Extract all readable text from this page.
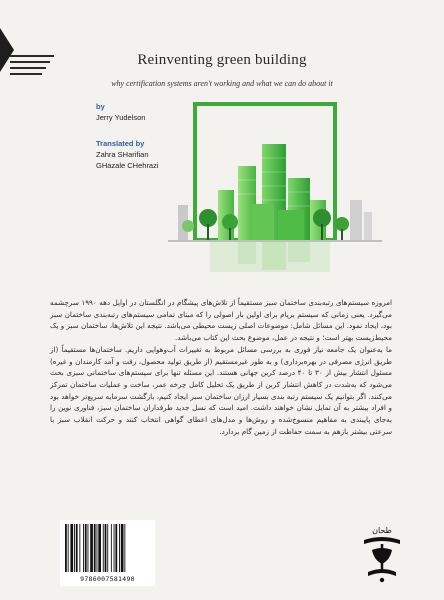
Reinventing green building
why certification systems aren't working and what we can do about it
by
Jerry Yudelson
Translated by
Zahra SHarifian
GHazale CHehrazi

امروزه سیستم‌های رتبه‌بندی ساختمان سبز مستقیماً از تلاش‌های پیشگام در انگلستان در اوایل دهه ۱۹۹۰ سرچشمه می‌گیرد. یعنی زمانی که سیستم بریام برای اولین بار اصولی را که مبنای تمامی سیستم‌های رتبه‌بندی ساختمان سبز بود، ایجاد نمود. این مسائل شامل: موضوعات اصلی زیست محیطی می‌باشد. نتیجه این تلاش‌ها، ساختمان سبز و یک محیط‌زیست بهتر است؛ و نتیجه در عمل، موضوع بحث این کتاب می‌باشد.

ما به‌عنوان یک جامعه نیاز فوری به بررسی مسائل مربوط به تغییرات آب‌وهوایی داریم. ساختمان‌ها مستقیماً (از طریق انرژی مصرفی در بهره‌برداری) و به طور غیرمستقیم (از طریق تولید محصول، رفت و آمد کارمندان و غیره) مسئول انتشار بیش از ۳۰ تا ۴۰ درصد کربن جهانی هستند. این مسئله تنها برای سیستم‌های ساختمانی سبزی بحث می‌شود که به‌شدت در کاهش انتشار کربن از طریق یک تحلیل کامل چرخه عمر، ساخت و عملیات ساختمان تمرکز می‌کنند. اگر بتوانیم یک سیستم رتبه بندی بسیار ارزان ساختمان سبز ایجاد کنیم، بازگشت سرمایه سریع‌تر خواهد بود و افراد بیشتر به آن تمایل نشان خواهند داشت. امید است که نسل جدید طرفداران ساختمان سبز، فناوری نوین را به‌جای پایبندی به مفاهیم منسوخ‌شده و روش‌ها و مدل‌های اعطای گواهی انتخاب کنند و حرکت انقلاب سبز با سرعتی بیشتر بازهم به سمت حفاظت از زمین گام بردارد.

9786007581490
طحان
